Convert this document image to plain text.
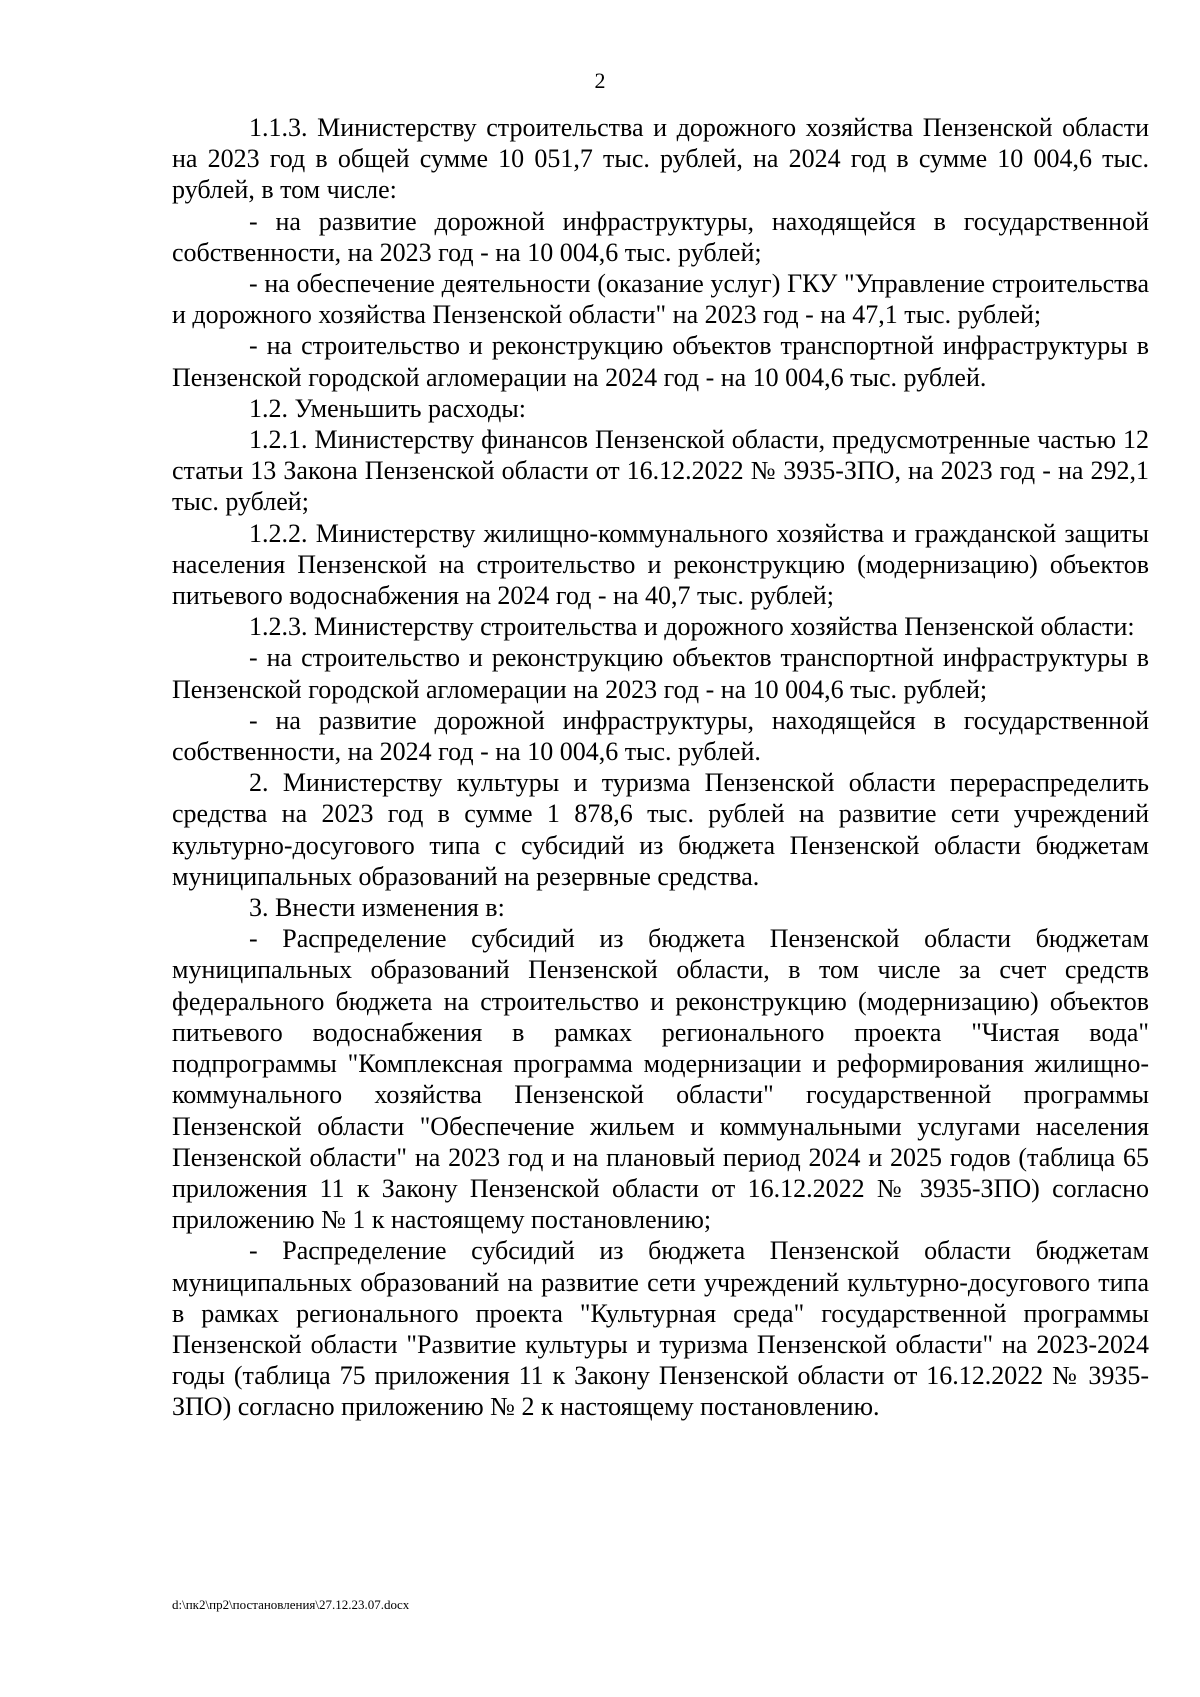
2

1.1.3. Министерству строительства и дорожного хозяйства Пензенской области на 2023 год в общей сумме 10 051,7 тыс. рублей, на 2024 год в сумме 10 004,6 тыс. рублей, в том числе:

- на развитие дорожной инфраструктуры, находящейся в государственной собственности, на 2023 год - на 10 004,6 тыс. рублей;

- на обеспечение деятельности (оказание услуг) ГКУ "Управление строительства и дорожного хозяйства Пензенской области" на 2023 год - на 47,1 тыс. рублей;

- на строительство и реконструкцию объектов транспортной инфраструктуры в Пензенской городской агломерации на 2024 год - на 10 004,6 тыс. рублей.

1.2. Уменьшить расходы:

1.2.1. Министерству финансов Пензенской области, предусмотренные частью 12 статьи 13 Закона Пензенской области от 16.12.2022 № 3935-ЗПО, на 2023 год - на 292,1 тыс. рублей;

1.2.2. Министерству жилищно-коммунального хозяйства и гражданской защиты населения Пензенской на строительство и реконструкцию (модернизацию) объектов питьевого водоснабжения на 2024 год - на 40,7 тыс. рублей;

1.2.3. Министерству строительства и дорожного хозяйства Пензенской области:

- на строительство и реконструкцию объектов транспортной инфраструктуры в Пензенской городской агломерации на 2023 год - на 10 004,6 тыс. рублей;

- на развитие дорожной инфраструктуры, находящейся в государственной собственности, на 2024 год - на 10 004,6 тыс. рублей.

2. Министерству культуры и туризма Пензенской области перераспределить средства на 2023 год в сумме 1 878,6 тыс. рублей на развитие сети учреждений культурно-досугового типа с субсидий из бюджета Пензенской области бюджетам муниципальных образований на резервные средства.

3. Внести изменения в:

- Распределение субсидий из бюджета Пензенской области бюджетам муниципальных образований Пензенской области, в том числе за счет средств федерального бюджета на строительство и реконструкцию (модернизацию) объектов питьевого водоснабжения в рамках регионального проекта "Чистая вода" подпрограммы "Комплексная программа модернизации и реформирования жилищно-коммунального хозяйства Пензенской области" государственной программы Пензенской области "Обеспечение жильем и коммунальными услугами населения Пензенской области" на 2023 год и на плановый период 2024 и 2025 годов (таблица 65 приложения 11 к Закону Пензенской области от 16.12.2022 № 3935-ЗПО) согласно приложению № 1 к настоящему постановлению;

- Распределение субсидий из бюджета Пензенской области бюджетам муниципальных образований на развитие сети учреждений культурно-досугового типа в рамках регионального проекта "Культурная среда" государственной программы Пензенской области "Развитие культуры и туризма Пензенской области" на 2023-2024 годы (таблица 75 приложения 11 к Закону Пензенской области от 16.12.2022 № 3935-ЗПО) согласно приложению № 2 к настоящему постановлению.

d:\пк2\пр2\постановления\27.12.23.07.docx
